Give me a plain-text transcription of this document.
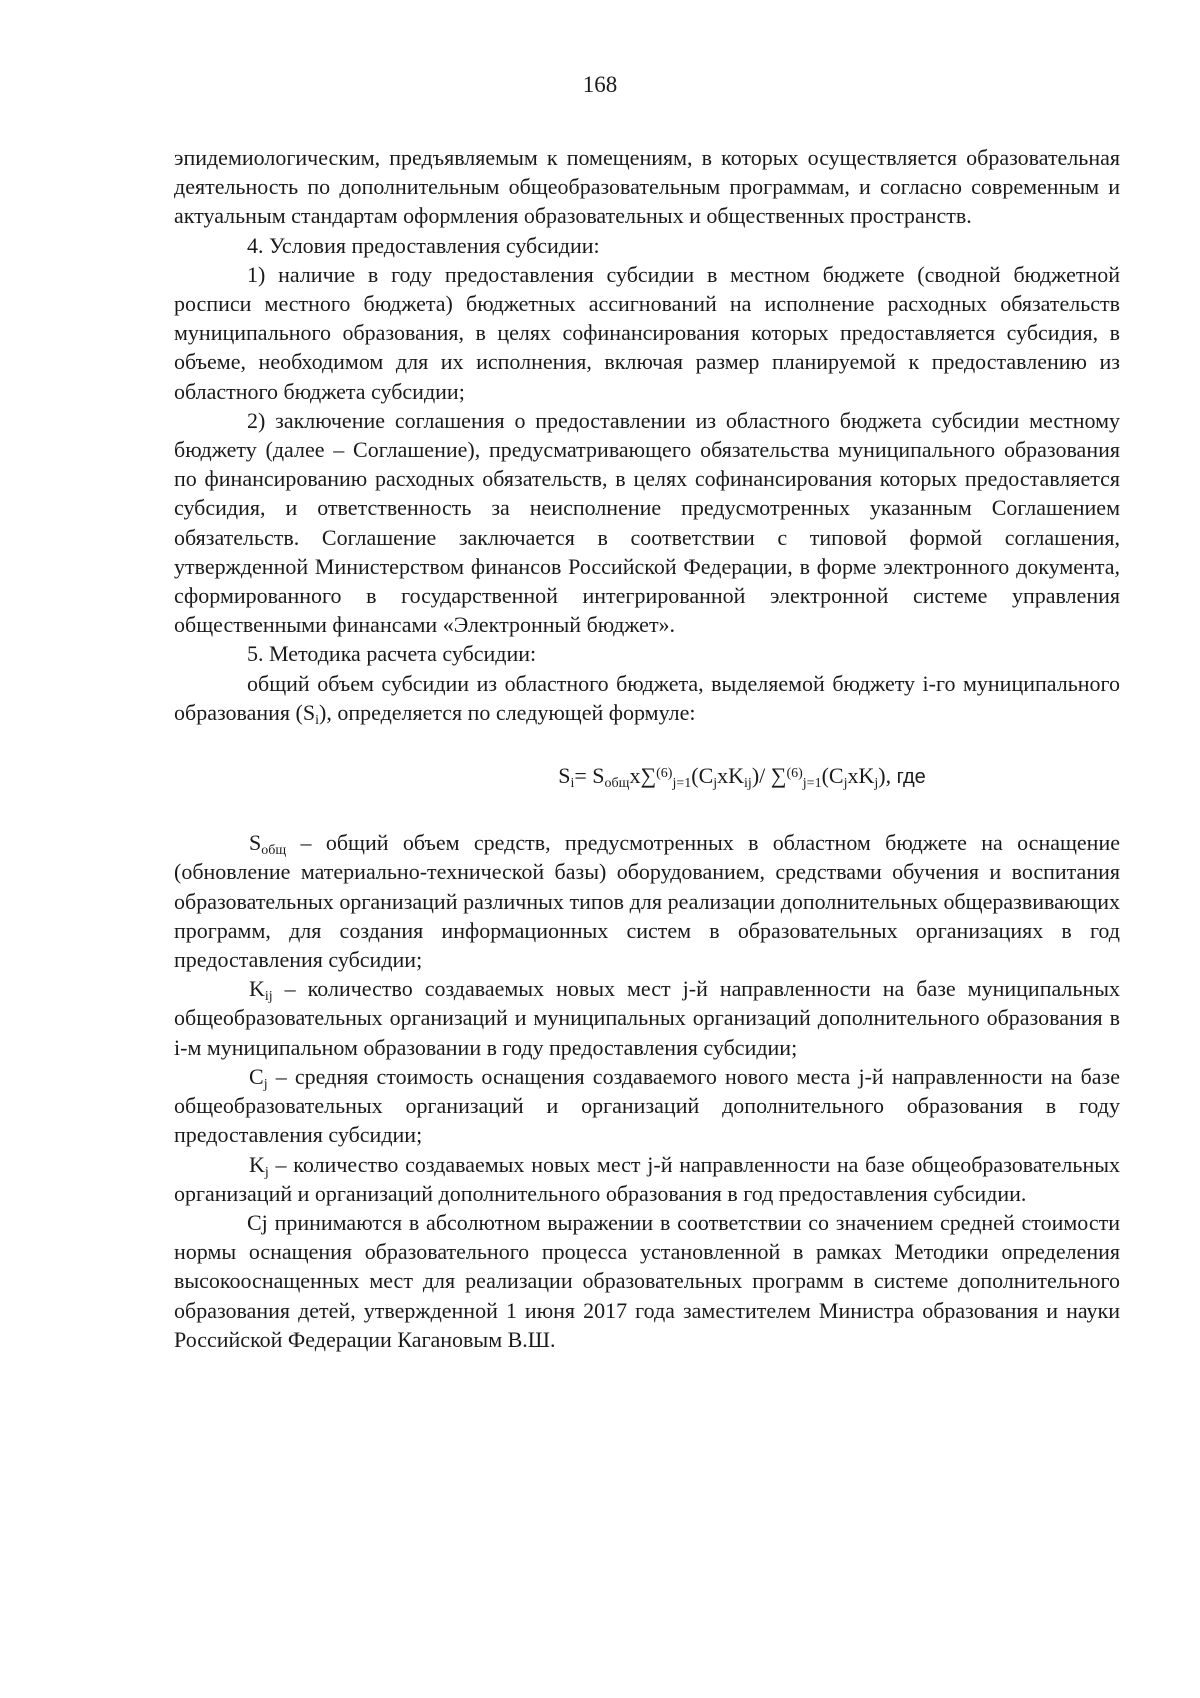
168

эпидемиологическим, предъявляемым к помещениям, в которых осуществляется образовательная деятельность по дополнительным общеобразовательным программам, и согласно современным и актуальным стандартам оформления образовательных и общественных пространств.

4. Условия предоставления субсидии:

1) наличие в году предоставления субсидии в местном бюджете (сводной бюджетной росписи местного бюджета) бюджетных ассигнований на исполнение расходных обязательств муниципального образования, в целях софинансирования которых предоставляется субсидия, в объеме, необходимом для их исполнения, включая размер планируемой к предоставлению из областного бюджета субсидии;

2) заключение соглашения о предоставлении из областного бюджета субсидии местному бюджету (далее – Соглашение), предусматривающего обязательства муниципального образования по финансированию расходных обязательств, в целях софинансирования которых предоставляется субсидия, и ответственность за неисполнение предусмотренных указанным Соглашением обязательств. Соглашение заключается в соответствии с типовой формой соглашения, утвержденной Министерством финансов Российской Федерации, в форме электронного документа, сформированного в государственной интегрированной электронной системе управления общественными финансами «Электронный бюджет».

5. Методика расчета субсидии:

общий объем субсидии из областного бюджета, выделяемой бюджету i-го муниципального образования $(S_i)$, определяется по следующей формуле:

$S_i= S_{общ}x\sum^{(6)}_{j=1}(C_jxK_{ij})/$ $\sum^{(6)}_{j=1}(C_jxK_j)$, где

$S_{общ}$ – общий объем средств, предусмотренных в областном бюджете на оснащение (обновление материально-технической базы) оборудованием, средствами обучения и воспитания образовательных организаций различных типов для реализации дополнительных общеразвивающих программ, для создания информационных систем в образовательных организациях в год предоставления субсидии;

$K_{ij}$ – количество создаваемых новых мест j-й направленности на базе муниципальных общеобразовательных организаций и муниципальных организаций дополнительного образования в i-м муниципальном образовании в году предоставления субсидии;

$C_j$ – средняя стоимость оснащения создаваемого нового места j-й направленности на базе общеобразовательных организаций и организаций дополнительного образования в году предоставления субсидии;

$K_j$ – количество создаваемых новых мест j-й направленности на базе общеобразовательных организаций и организаций дополнительного образования в год предоставления субсидии.

Cj принимаются в абсолютном выражении в соответствии со значением средней стоимости нормы оснащения образовательного процесса установленной в рамках Методики определения высокооснащенных мест для реализации образовательных программ в системе дополнительного образования детей, утвержденной 1 июня 2017 года заместителем Министра образования и науки Российской Федерации Кагановым В.Ш.
